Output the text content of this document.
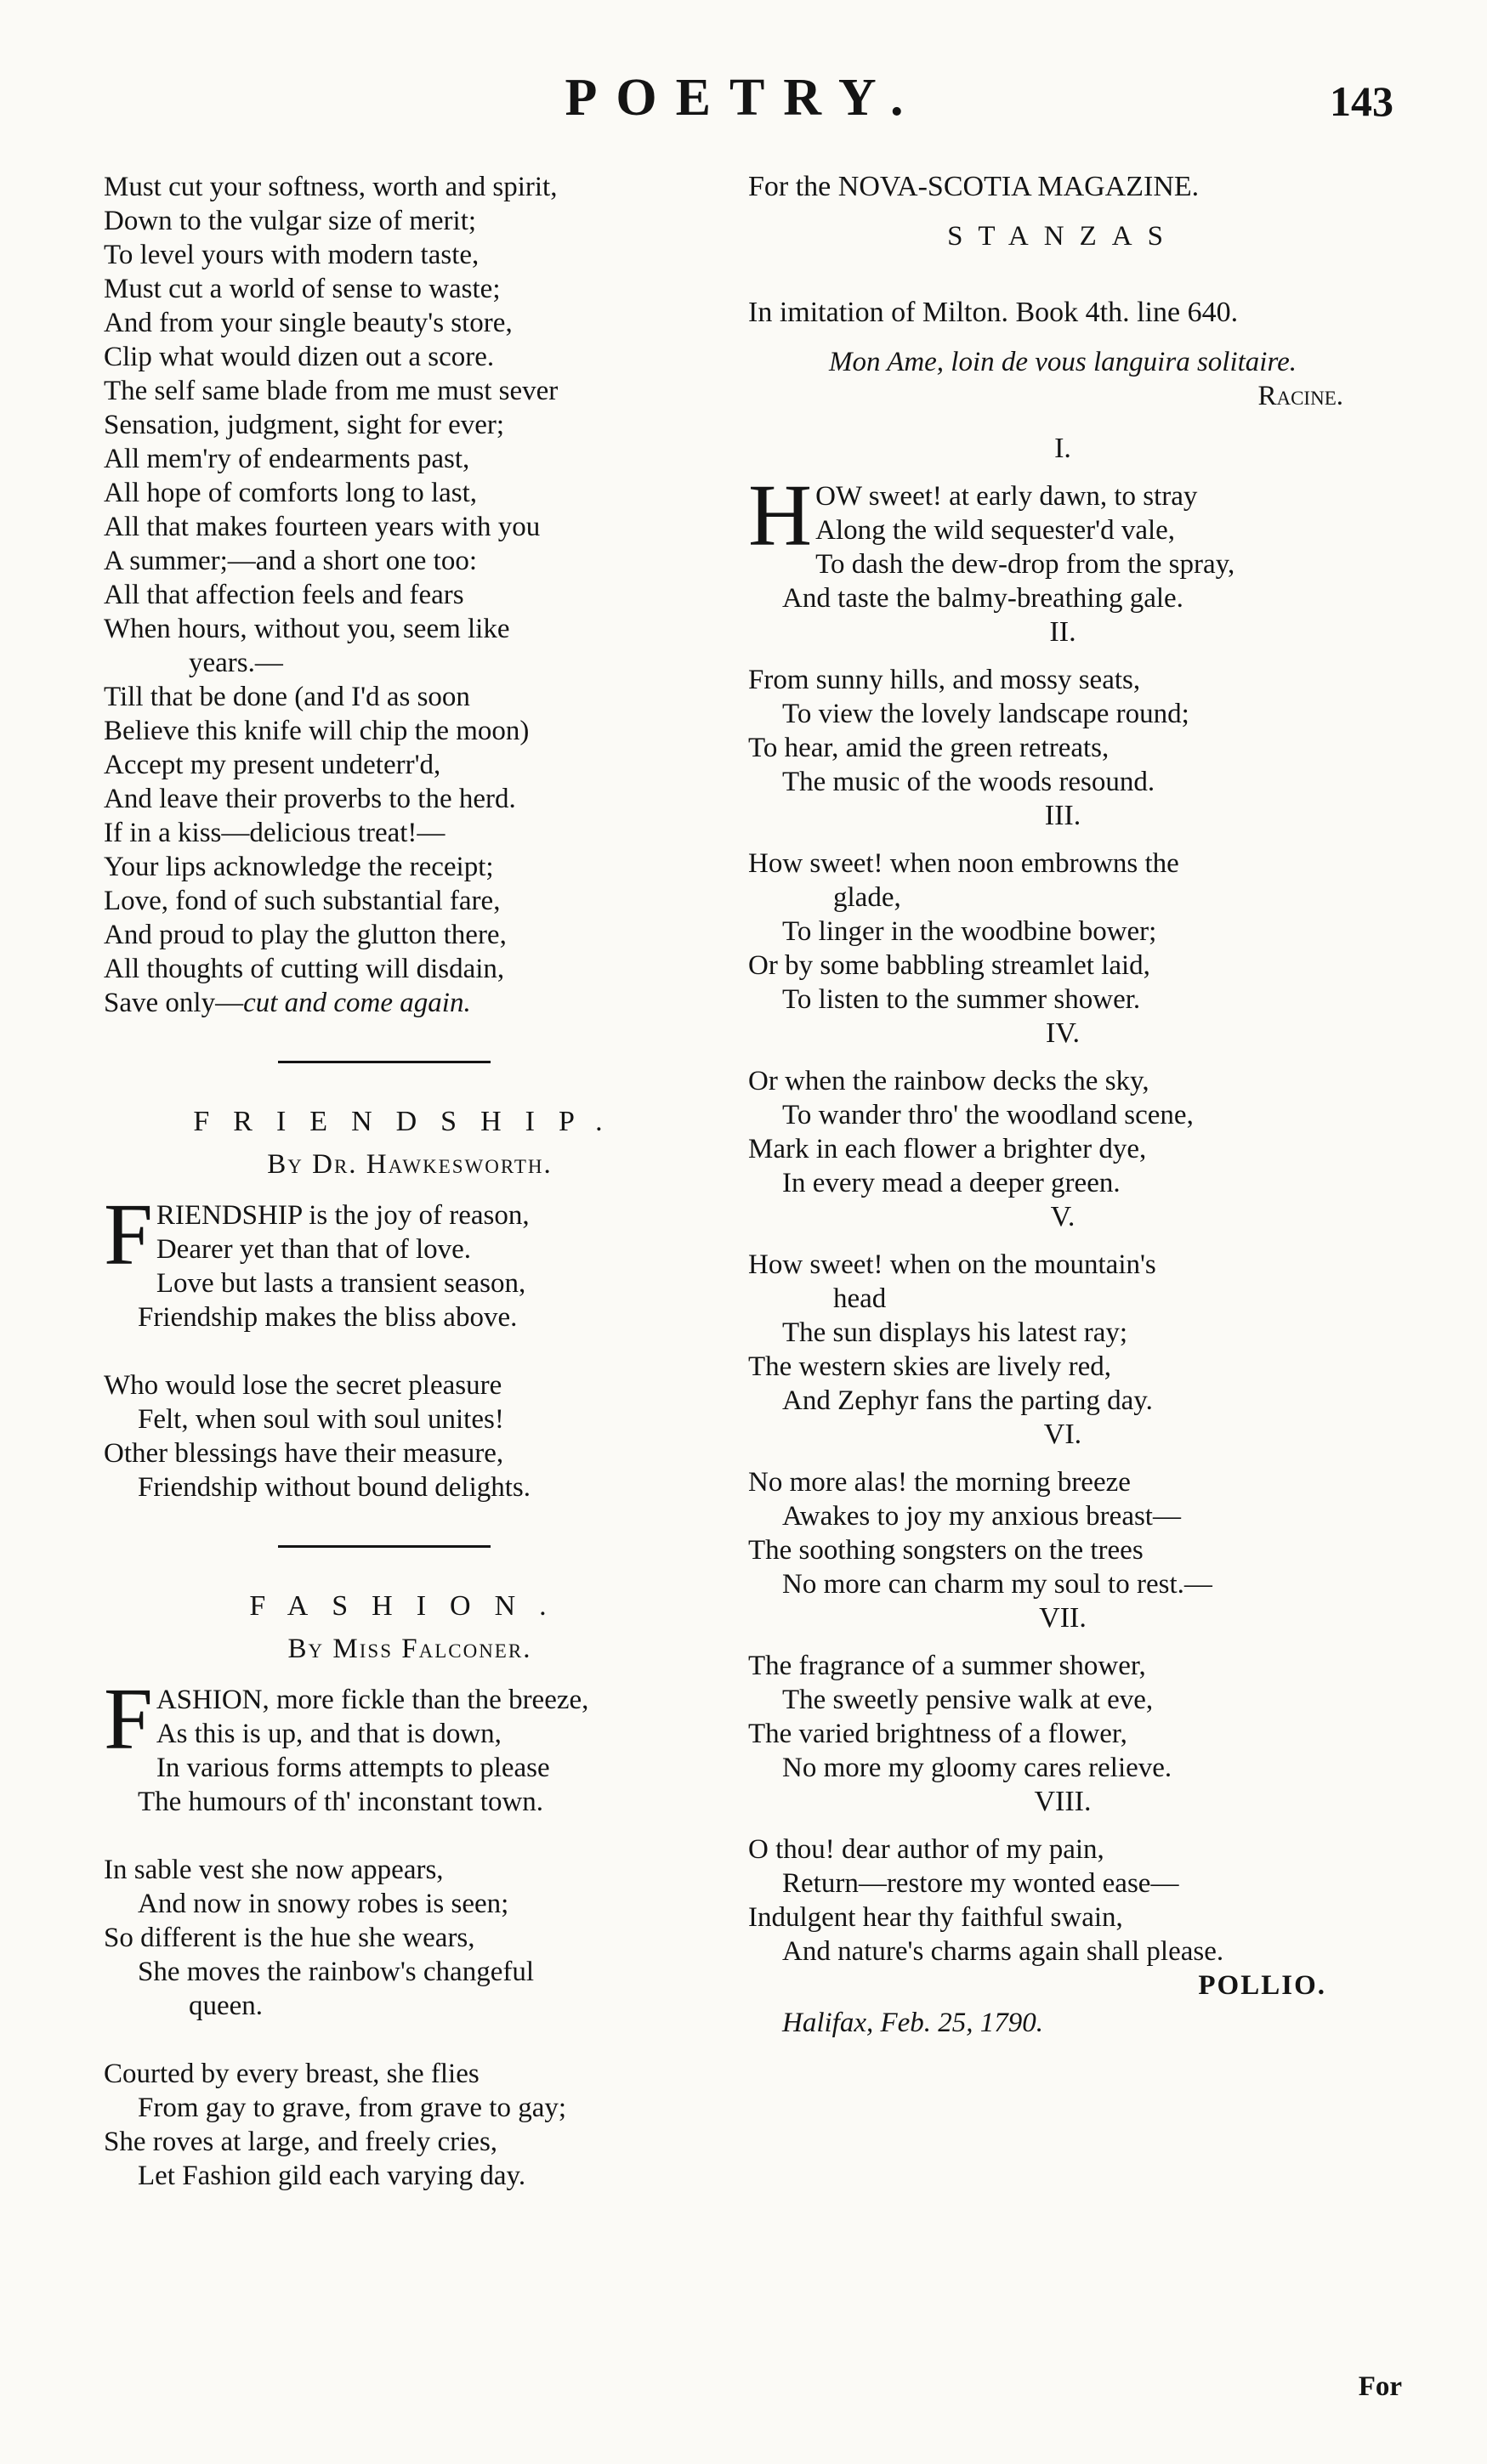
POETRY.	143
Must cut your softness, worth and spirit,
Down to the vulgar size of merit;
To level yours with modern taste,
Must cut a world of sense to waste;
And from your single beauty's store,
Clip what would dizen out a score.
The self same blade from me must sever
Sensation, judgment, sight for ever;
All mem'ry of endearments past,
All hope of comforts long to last,
All that makes fourteen years with you
A summer;—and a short one too:
All that affection feels and fears
When hours, without you, seem like
years.—
Till that be done (and I'd as soon
Believe this knife will chip the moon)
Accept my present undeterr'd,
And leave their proverbs to the herd.
If in a kiss—delicious treat!—
Your lips acknowledge the receipt;
Love, fond of such substantial fare,
And proud to play the glutton there,
All thoughts of cutting will disdain,
Save only—cut and come again.
FRIENDSHIP.
By Dr. Hawkesworth.
F RIENDSHIP is the joy of reason,
Dearer yet than that of love.
Love but lasts a transient season,
Friendship makes the bliss above.
Who would lose the secret pleasure
Felt, when soul with soul unites!
Other blessings have their measure,
Friendship without bound delights.
FASHION.
By Miss Falconer.
F ASHION, more fickle than the breeze,
As this is up, and that is down,
In various forms attempts to please
The humours of th' inconstant town.
In sable vest she now appears,
And now in snowy robes is seen;
So different is the hue she wears,
She moves the rainbow's changeful
queen.
Courted by every breast, she flies
From gay to grave, from grave to gay;
She roves at large, and freely cries,
Let Fashion gild each varying day.
For the NOVA-SCOTIA MAGAZINE.
STANZAS
In imitation of Milton. Book 4th. line 640.
Mon Ame, loin de vous languira solitaire.
Racine.
I.
H OW sweet! at early dawn, to stray
Along the wild sequester'd vale,
To dash the dew-drop from the spray,
And taste the balmy-breathing gale.
II.
From sunny hills, and mossy seats,
To view the lovely landscape round;
To hear, amid the green retreats,
The music of the woods resound.
III.
How sweet! when noon embrowns the
glade,
To linger in the woodbine bower;
Or by some babbling streamlet laid,
To listen to the summer shower.
IV.
Or when the rainbow decks the sky,
To wander thro' the woodland scene,
Mark in each flower a brighter dye,
In every mead a deeper green.
V.
How sweet! when on the mountain's
head
The sun displays his latest ray;
The western skies are lively red,
And Zephyr fans the parting day.
VI.
No more alas! the morning breeze
Awakes to joy my anxious breast—
The soothing songsters on the trees
No more can charm my soul to rest.—
VII.
The fragrance of a summer shower,
The sweetly pensive walk at eve,
The varied brightness of a flower,
No more my gloomy cares relieve.
VIII.
O thou! dear author of my pain,
Return—restore my wonted ease—
Indulgent hear thy faithful swain,
And nature's charms again shall please.
POLLIO.
Halifax, Feb. 25, 1790.
For
